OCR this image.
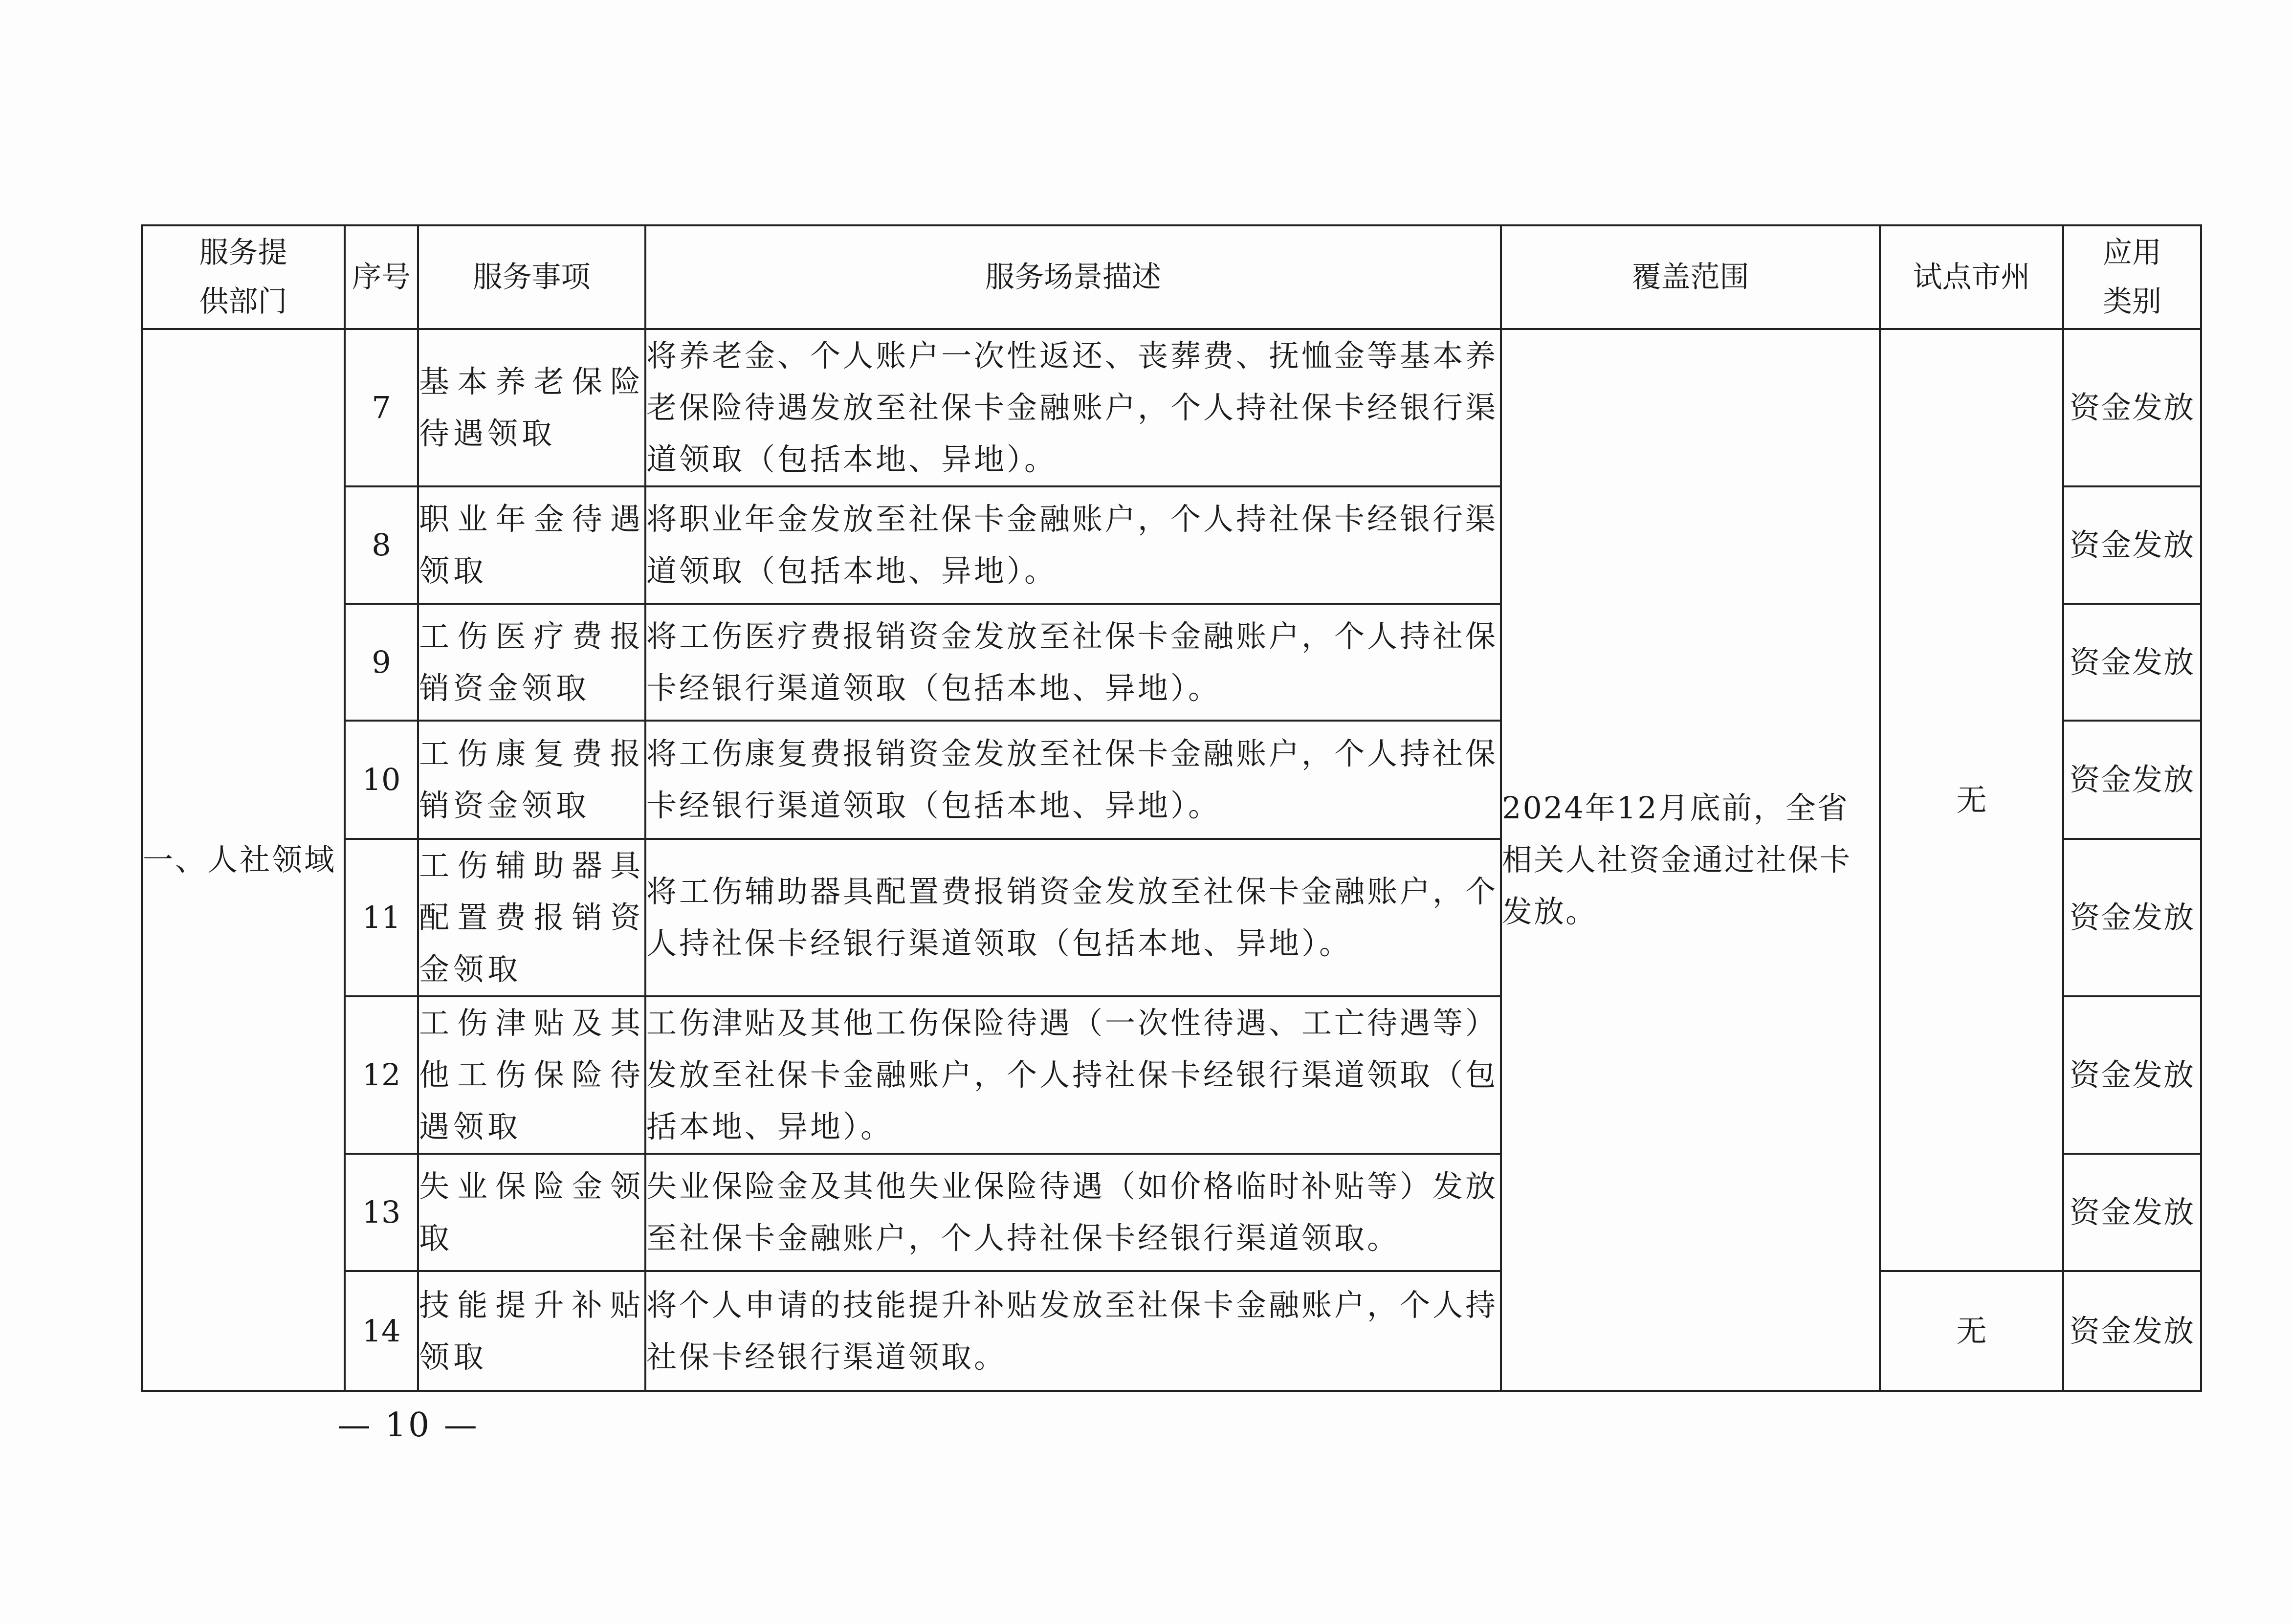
服务提供部门	序号	服务事项	服务场景描述	覆盖范围	试点市州	应用类别
一、人社领域	7	基本养老保险待遇领取	将养老金、个人账户一次性返还、丧葬费、抚恤金等基本养老保险待遇发放至社保卡金融账户，个人持社保卡经银行渠道领取（包括本地、异地）。	2024年12月底前，全省相关人社资金通过社保卡发放。	无	资金发放
	8	职业年金待遇领取	将职业年金发放至社保卡金融账户，个人持社保卡经银行渠道领取（包括本地、异地）。			资金发放
	9	工伤医疗费报销资金领取	将工伤医疗费报销资金发放至社保卡金融账户，个人持社保卡经银行渠道领取（包括本地、异地）。			资金发放
	10	工伤康复费报销资金领取	将工伤康复费报销资金发放至社保卡金融账户，个人持社保卡经银行渠道领取（包括本地、异地）。			资金发放
	11	工伤辅助器具配置费报销资金领取	将工伤辅助器具配置费报销资金发放至社保卡金融账户，个人持社保卡经银行渠道领取（包括本地、异地）。			资金发放
	12	工伤津贴及其他工伤保险待遇领取	工伤津贴及其他工伤保险待遇（一次性待遇、工亡待遇等）发放至社保卡金融账户，个人持社保卡经银行渠道领取（包括本地、异地）。			资金发放
	13	失业保险金领取	失业保险金及其他失业保险待遇（如价格临时补贴等）发放至社保卡金融账户，个人持社保卡经银行渠道领取。			资金发放
	14	技能提升补贴领取	将个人申请的技能提升补贴发放至社保卡金融账户，个人持社保卡经银行渠道领取。		无	资金发放
— 10 —
